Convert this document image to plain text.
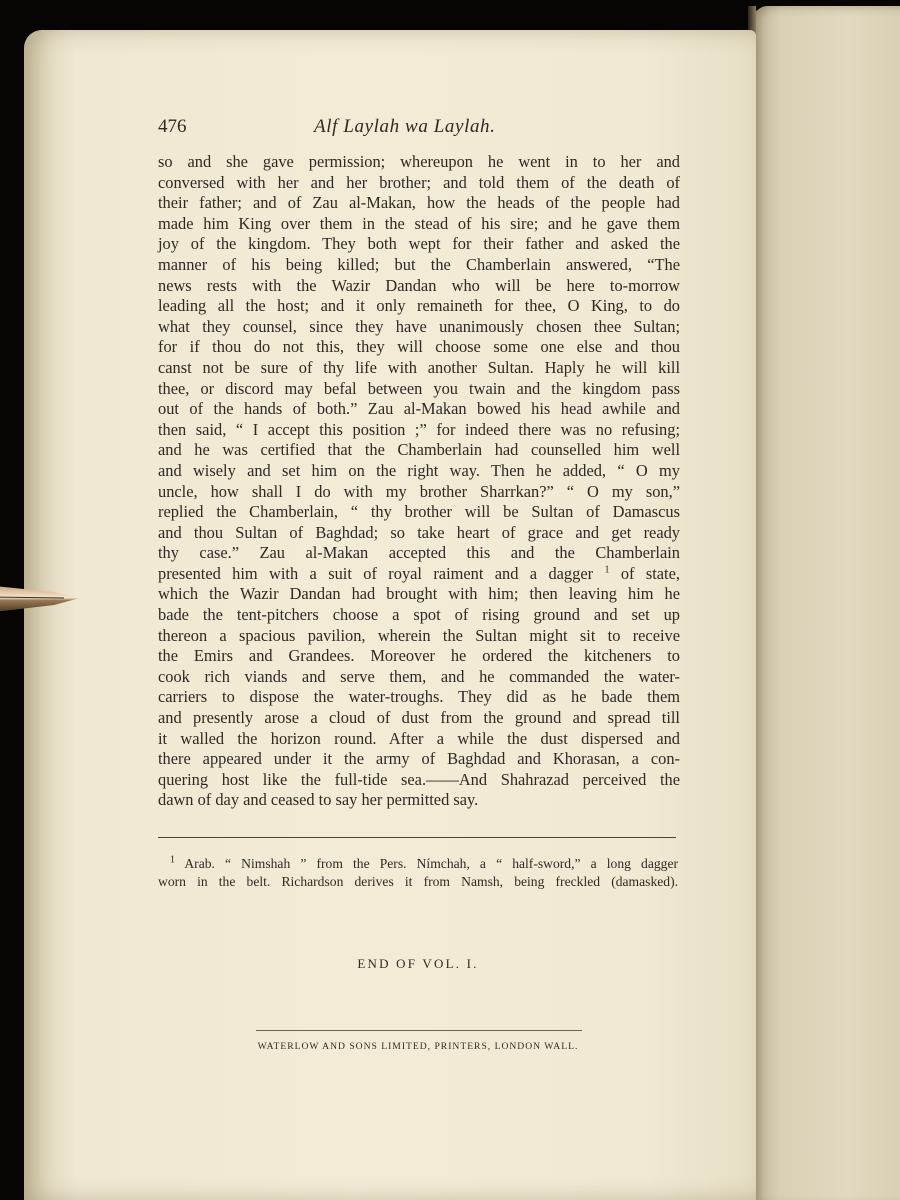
476	Alf Laylah wa Laylah.
so and she gave permission; whereupon he went in to her and
conversed with her and her brother; and told them of the death of
their father; and of Zau al-Makan, how the heads of the people had
made him King over them in the stead of his sire; and he gave them
joy of the kingdom. They both wept for their father and asked the
manner of his being killed; but the Chamberlain answered, “The
news rests with the Wazir Dandan who will be here to-morrow
leading all the host; and it only remaineth for thee, O King, to do
what they counsel, since they have unanimously chosen thee Sultan;
for if thou do not this, they will choose some one else and thou
canst not be sure of thy life with another Sultan. Haply he will kill
thee, or discord may befal between you twain and the kingdom pass
out of the hands of both.” Zau al-Makan bowed his head awhile and
then said, “ I accept this position ;” for indeed there was no refusing;
and he was certified that the Chamberlain had counselled him well
and wisely and set him on the right way. Then he added, “ O my
uncle, how shall I do with my brother Sharrkan?” “ O my son,”
replied the Chamberlain, “ thy brother will be Sultan of Damascus
and thou Sultan of Baghdad; so take heart of grace and get ready
thy case.” Zau al-Makan accepted this and the Chamberlain
presented him with a suit of royal raiment and a dagger $^1$ of state,
which the Wazir Dandan had brought with him; then leaving him he
bade the tent-pitchers choose a spot of rising ground and set up
thereon a spacious pavilion, wherein the Sultan might sit to receive
the Emirs and Grandees. Moreover he ordered the kitcheners to
cook rich viands and serve them, and he commanded the water-
carriers to dispose the water-troughs. They did as he bade them
and presently arose a cloud of dust from the ground and spread till
it walled the horizon round. After a while the dust dispersed and
there appeared under it the army of Baghdad and Khorasan, a con-
quering host like the full-tide sea.——And Shahrazad perceived the
dawn of day and ceased to say her permitted say.
$^1$ Arab. “ Nimshah ” from the Pers. Nímchah, a “ half-sword,” a long dagger
worn in the belt. Richardson derives it from Namsh, being freckled (damasked).
END OF VOL. I.
WATERLOW AND SONS LIMITED, PRINTERS, LONDON WALL.
